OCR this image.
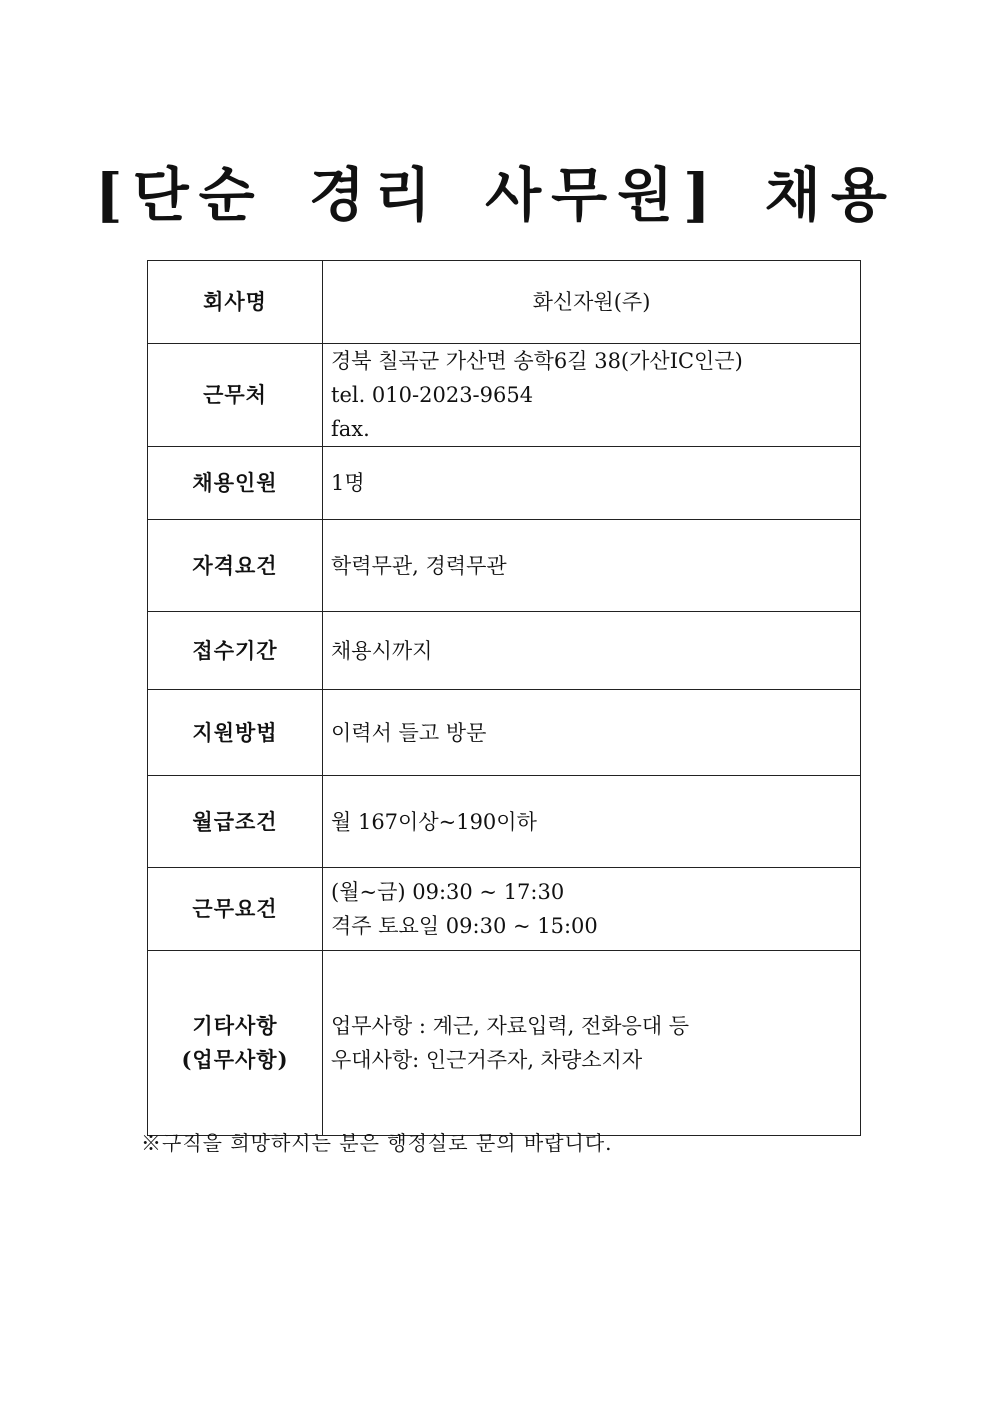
[단순 경리 사무원] 채용
회사명	화신자원(주)

근무처	경북 칠곡군 가산면 송학6길 38(가산IC인근)
tel. 010-2023-9654
fax.

채용인원	1명

자격요건	학력무관, 경력무관

접수기간	채용시까지

지원방법	이력서 들고 방문

월급조건	월 167이상~190이하

근무요건	(월~금) 09:30 ~ 17:30
격주 토요일 09:30 ~ 15:00

기타사항
(업무사항)	업무사항 : 계근, 자료입력, 전화응대 등
우대사항: 인근거주자, 차량소지자
※구직을 희망하시는 분은 행정실로 문의 바랍니다.
